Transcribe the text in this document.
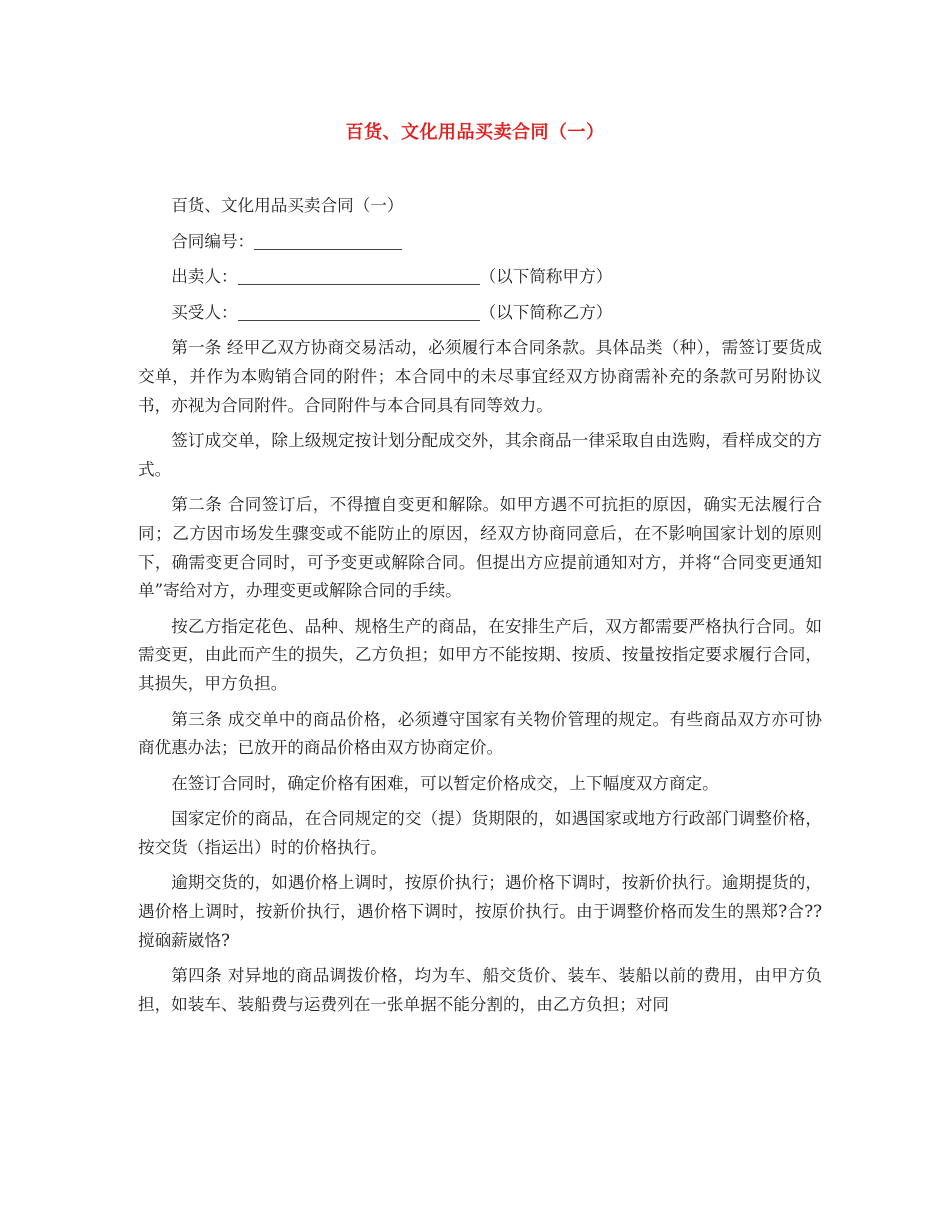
百货、文化用品买卖合同（一）

百货、文化用品买卖合同（一）

合同编号：

出卖人：	（以下简称甲方）

买受人：	（以下简称乙方）

第一条 经甲乙双方协商交易活动，必须履行本合同条款。具体品类（种），需签订要货成交单，并作为本购销合同的附件；本合同中的未尽事宜经双方协商需补充的条款可另附协议书，亦视为合同附件。合同附件与本合同具有同等效力。

签订成交单，除上级规定按计划分配成交外，其余商品一律采取自由选购，看样成交的方式。

第二条 合同签订后，不得擅自变更和解除。如甲方遇不可抗拒的原因，确实无法履行合同；乙方因市场发生骤变或不能防止的原因，经双方协商同意后，在不影响国家计划的原则下，确需变更合同时，可予变更或解除合同。但提出方应提前通知对方，并将“合同变更通知单”寄给对方，办理变更或解除合同的手续。

按乙方指定花色、品种、规格生产的商品，在安排生产后，双方都需要严格执行合同。如需变更，由此而产生的损失，乙方负担；如甲方不能按期、按质、按量按指定要求履行合同，其损失，甲方负担。

第三条 成交单中的商品价格，必须遵守国家有关物价管理的规定。有些商品双方亦可协商优惠办法；已放开的商品价格由双方协商定价。

在签订合同时，确定价格有困难，可以暂定价格成交，上下幅度双方商定。

国家定价的商品，在合同规定的交（提）货期限的，如遇国家或地方行政部门调整价格，按交货（指运出）时的价格执行。

逾期交货的，如遇价格上调时，按原价执行；遇价格下调时，按新价执行。逾期提货的，遇价格上调时，按新价执行，遇价格下调时，按原价执行。由于调整价格而发生的黑郑?合??搅硇薪崴恪?

第四条 对异地的商品调拨价格，均为车、船交货价、装车、装船以前的费用，由甲方负担，如装车、装船费与运费列在一张单据不能分割的，由乙方负担；对同
